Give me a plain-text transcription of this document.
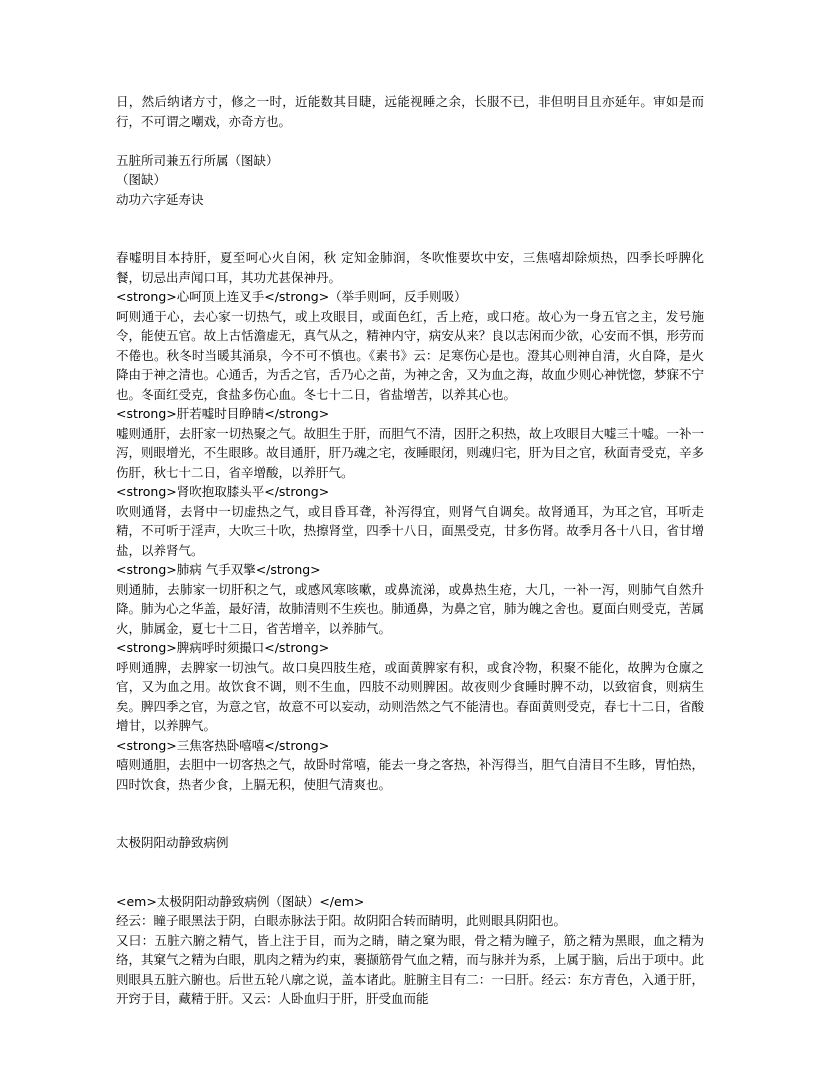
日，然后纳诸方寸，修之一时，近能数其目睫，远能视睡之余，长服不已，非但明目且亦延年。审如是而行，不可谓之嘲戏，亦奇方也。

五脏所司兼五行所属（图缺）

（图缺）

动功六字延寿诀

春嘘明目本持肝，夏至呵心火自闲，秋 定知金肺润，冬吹惟要坎中安，三焦嘻却除烦热，四季长呼脾化餐，切忌出声闻口耳，其功尤甚保神丹。

<strong>心呵顶上连叉手</strong>（举手则呵，反手则吸）

呵则通于心，去心家一切热气，或上攻眼目，或面色红，舌上疮，或口疮。故心为一身五官之主，发号施令，能使五官。故上古恬澹虚无，真气从之，精神内守，病安从来？良以志闲而少欲，心安而不惧，形劳而不倦也。秋冬时当暖其涌泉，今不可不慎也。《素书》云：足寒伤心是也。澄其心则神自清，火自降，是火降由于神之清也。心通舌，为舌之官，舌乃心之苗，为神之舍，又为血之海，故血少则心神恍惚，梦寐不宁也。冬面红受克，食盐多伤心血。冬七十二日，省盐增苦，以养其心也。

<strong>肝若嘘时目睁睛</strong>

嘘则通肝，去肝家一切热聚之气。故胆生于肝，而胆气不清，因肝之积热，故上攻眼目大嘘三十嘘。一补一泻，则眼增光，不生眼眵。故目通肝，肝乃魂之宅，夜睡眼闭，则魂归宅，肝为目之官，秋面青受克，辛多伤肝，秋七十二日，省辛增酸，以养肝气。

<strong>肾吹抱取膝头平</strong>

吹则通肾，去肾中一切虚热之气，或目昏耳聋，补泻得宜，则肾气自调矣。故肾通耳，为耳之官，耳听走精，不可听于淫声，大吹三十吹，热擦肾堂，四季十八日，面黑受克，甘多伤肾。故季月各十八日，省甘增盐，以养肾气。

<strong>肺病 气手双擎</strong>

则通肺，去肺家一切肝积之气，或感风寒咳嗽，或鼻流涕，或鼻热生疮，大几，一补一泻，则肺气自然升降。肺为心之华盖，最好清，故肺清则不生疾也。肺通鼻，为鼻之官，肺为魄之舍也。夏面白则受克，苦属火，肺属金，夏七十二日，省苦增辛，以养肺气。

<strong>脾病呼时须撮口</strong>

呼则通脾，去脾家一切浊气。故口臭四肢生疮，或面黄脾家有积，或食冷物，积聚不能化，故脾为仓廪之官，又为血之用。故饮食不调，则不生血，四肢不动则脾困。故夜则少食睡时脾不动，以致宿食，则病生矣。脾四季之官，为意之官，故意不可以妄动，动则浩然之气不能清也。春面黄则受克，春七十二日，省酸增甘，以养脾气。

<strong>三焦客热卧嘻嘻</strong>

嘻则通胆，去胆中一切客热之气，故卧时常嘻，能去一身之客热，补泻得当，胆气自清目不生眵，胃怕热，四时饮食，热者少食，上膈无积，使胆气清爽也。

太极阴阳动静致病例

<em>太极阴阳动静致病例（图缺）</em>

经云：瞳子眼黑法于阴，白眼赤脉法于阳。故阴阳合转而睛明，此则眼具阴阳也。

又曰：五脏六腑之精气，皆上注于目，而为之睛，睛之窠为眼，骨之精为瞳子，筋之精为黑眼，血之精为络，其窠气之精为白眼，肌肉之精为约束，裹撷筋骨气血之精，而与脉并为系，上属于脑，后出于项中。此则眼具五脏六腑也。后世五轮八廓之说，盖本诸此。脏腑主目有二：一曰肝。经云：东方青色，入通于肝，开窍于目，藏精于肝。又云：人卧血归于肝，肝受血而能
